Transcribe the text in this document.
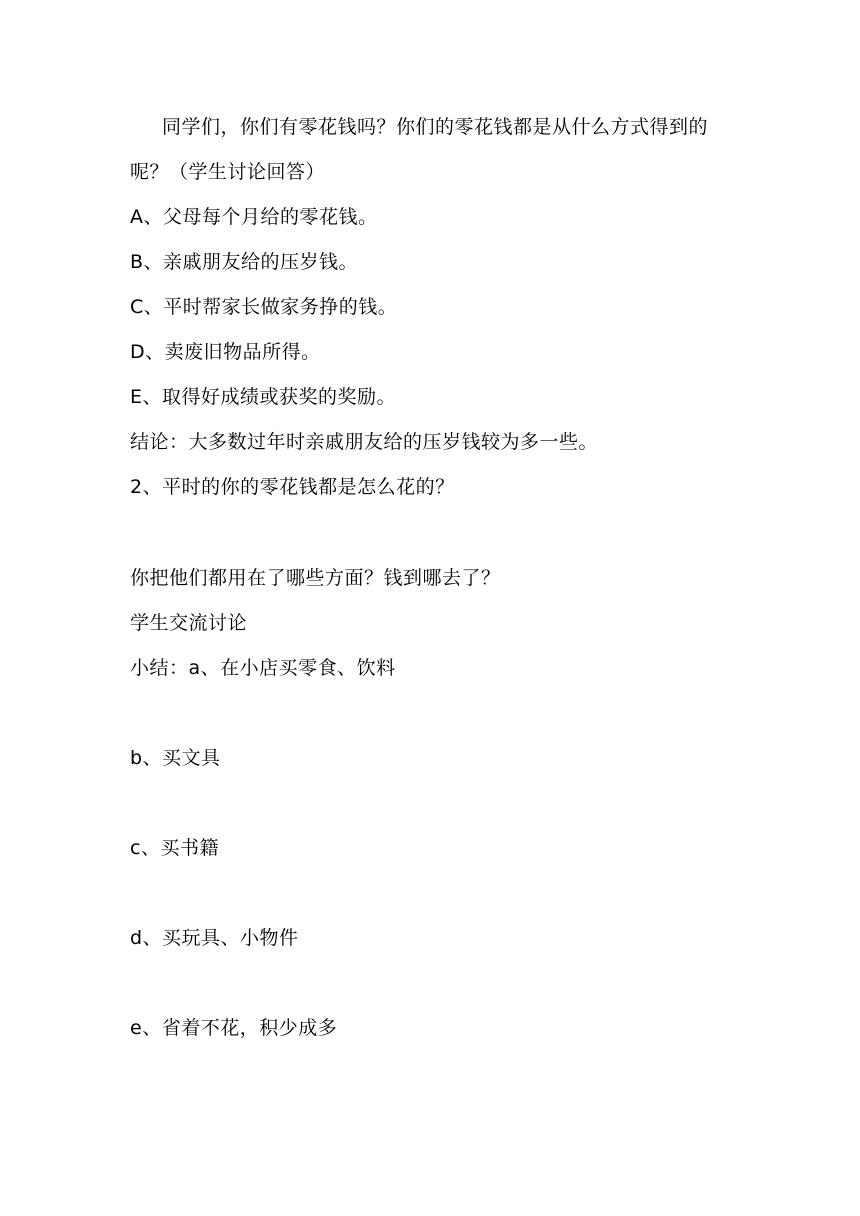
同学们，你们有零花钱吗？你们的零花钱都是从什么方式得到的
呢？（学生讨论回答）
A、父母每个月给的零花钱。
B、亲戚朋友给的压岁钱。
C、平时帮家长做家务挣的钱。
D、卖废旧物品所得。
E、取得好成绩或获奖的奖励。
结论：大多数过年时亲戚朋友给的压岁钱较为多一些。
2、平时的你的零花钱都是怎么花的？
你把他们都用在了哪些方面？钱到哪去了？
学生交流讨论
小结：a、在小店买零食、饮料
b、买文具
c、买书籍
d、买玩具、小物件
e、省着不花，积少成多
